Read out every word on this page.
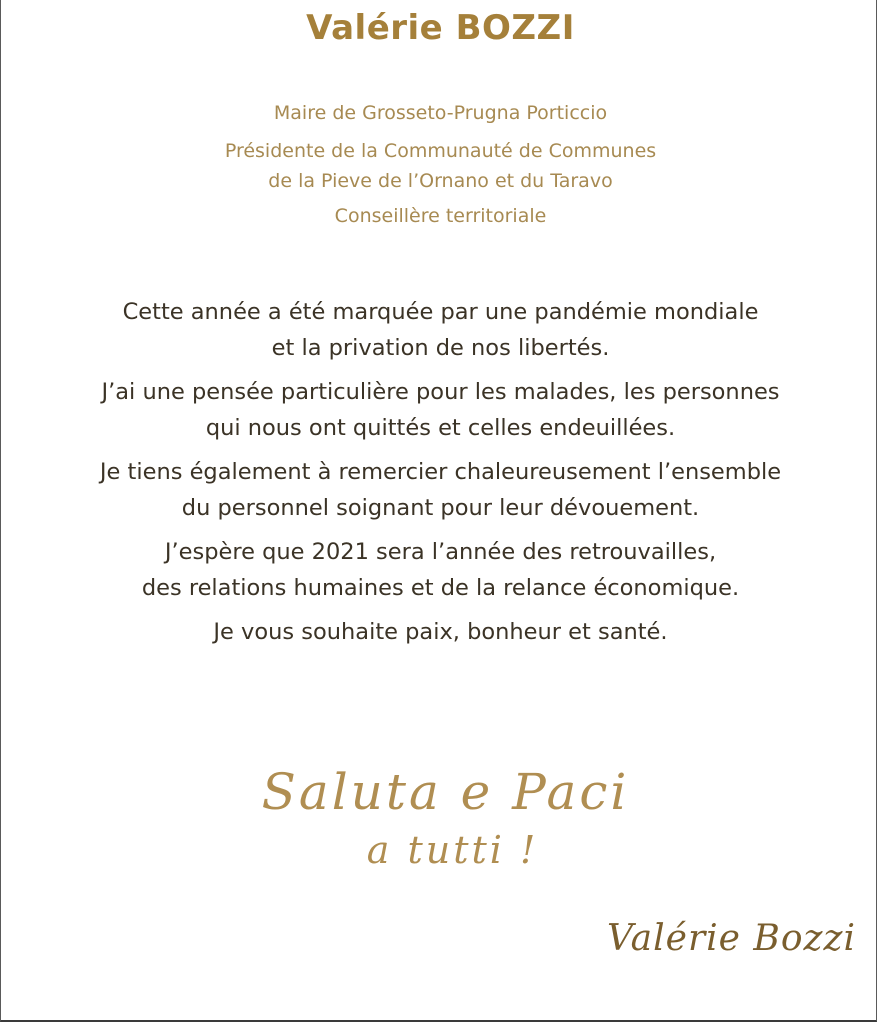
Valérie BOZZI
Maire de Grosseto-Prugna Porticcio
Présidente de la Communauté de Communes
de la Pieve de l’Ornano et du Taravo
Conseillère territoriale
Cette année a été marquée par une pandémie mondiale
et la privation de nos libertés.
J’ai une pensée particulière pour les malades, les personnes
qui nous ont quittés et celles endeuillées.
Je tiens également à remercier chaleureusement l’ensemble
du personnel soignant pour leur dévouement.
J’espère que 2021 sera l’année des retrouvailles,
des relations humaines et de la relance économique.
Je vous souhaite paix, bonheur et santé.
Saluta e Paci
a tutti !
Valérie Bozzi
